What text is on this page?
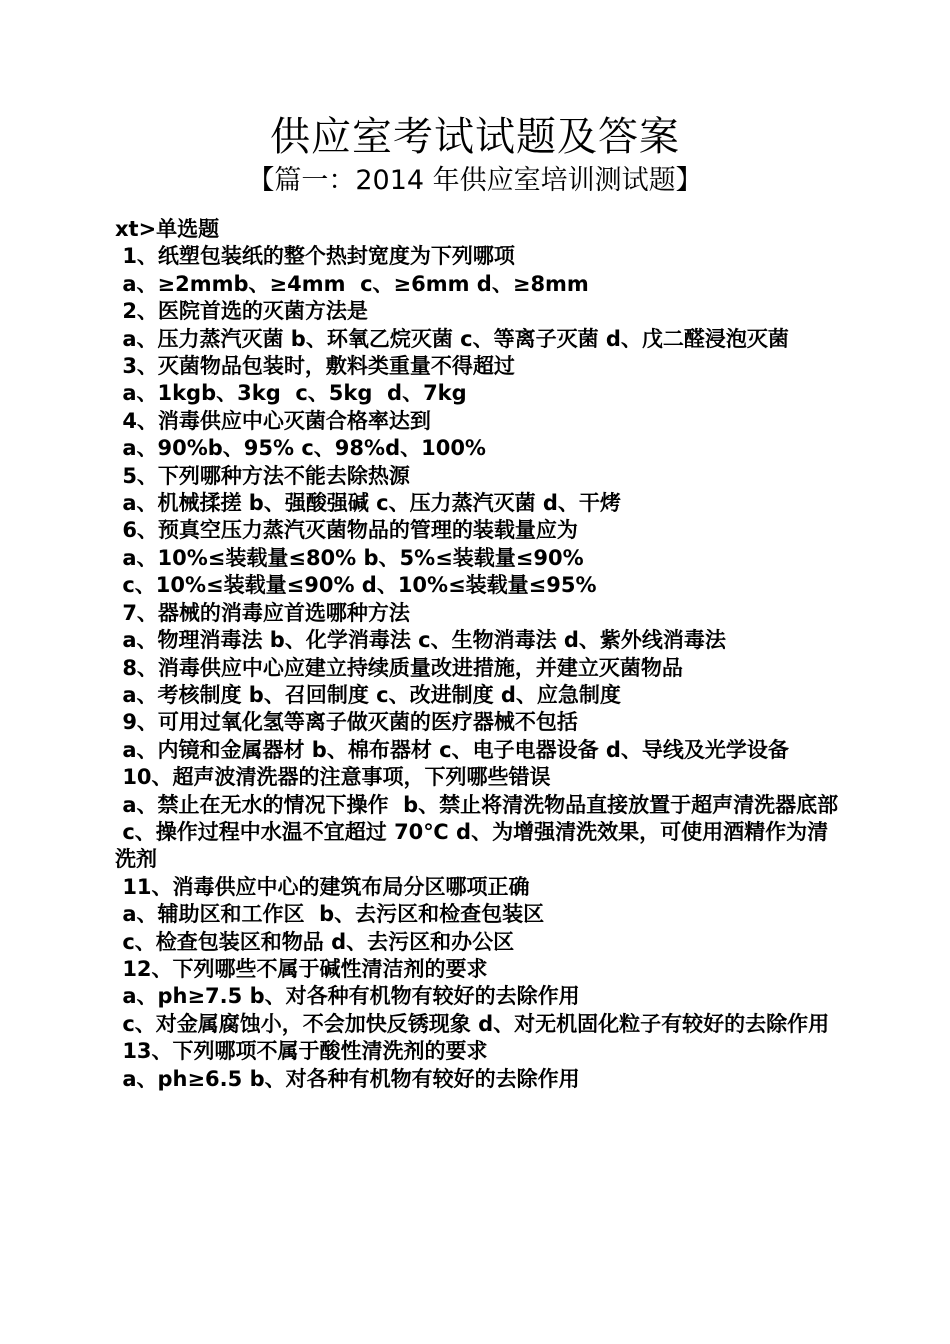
供应室考试试题及答案
【篇一：2014 年供应室培训测试题】
xt>单选题
1、纸塑包装纸的整个热封宽度为下列哪项
a、≥2mmb、≥4mm  c、≥6mm d、≥8mm
2、医院首选的灭菌方法是
a、压力蒸汽灭菌 b、环氧乙烷灭菌 c、等离子灭菌 d、戊二醛浸泡灭菌
3、灭菌物品包装时，敷料类重量不得超过
a、1kgb、3kg  c、5kg  d、7kg
4、消毒供应中心灭菌合格率达到
a、90%b、95% c、98%d、100%
5、下列哪种方法不能去除热源
a、机械揉搓 b、强酸强碱 c、压力蒸汽灭菌 d、干烤
6、预真空压力蒸汽灭菌物品的管理的装载量应为
a、10%≤装载量≤80% b、5%≤装载量≤90%
c、10%≤装载量≤90% d、10%≤装载量≤95%
7、器械的消毒应首选哪种方法
a、物理消毒法 b、化学消毒法 c、生物消毒法 d、紫外线消毒法
8、消毒供应中心应建立持续质量改进措施，并建立灭菌物品
a、考核制度 b、召回制度 c、改进制度 d、应急制度
9、可用过氧化氢等离子做灭菌的医疗器械不包括
a、内镜和金属器材 b、棉布器材 c、电子电器设备 d、导线及光学设备
10、超声波清洗器的注意事项，下列哪些错误
a、禁止在无水的情况下操作  b、禁止将清洗物品直接放置于超声清洗器底部
c、操作过程中水温不宜超过 70℃ d、为增强清洗效果，可使用酒精作为清洗剂
11、消毒供应中心的建筑布局分区哪项正确
a、辅助区和工作区  b、去污区和检查包装区
c、检查包装区和物品 d、去污区和办公区
12、下列哪些不属于碱性清洁剂的要求
a、ph≥7.5 b、对各种有机物有较好的去除作用
c、对金属腐蚀小，不会加快反锈现象 d、对无机固化粒子有较好的去除作用
13、下列哪项不属于酸性清洗剂的要求
a、ph≥6.5 b、对各种有机物有较好的去除作用
